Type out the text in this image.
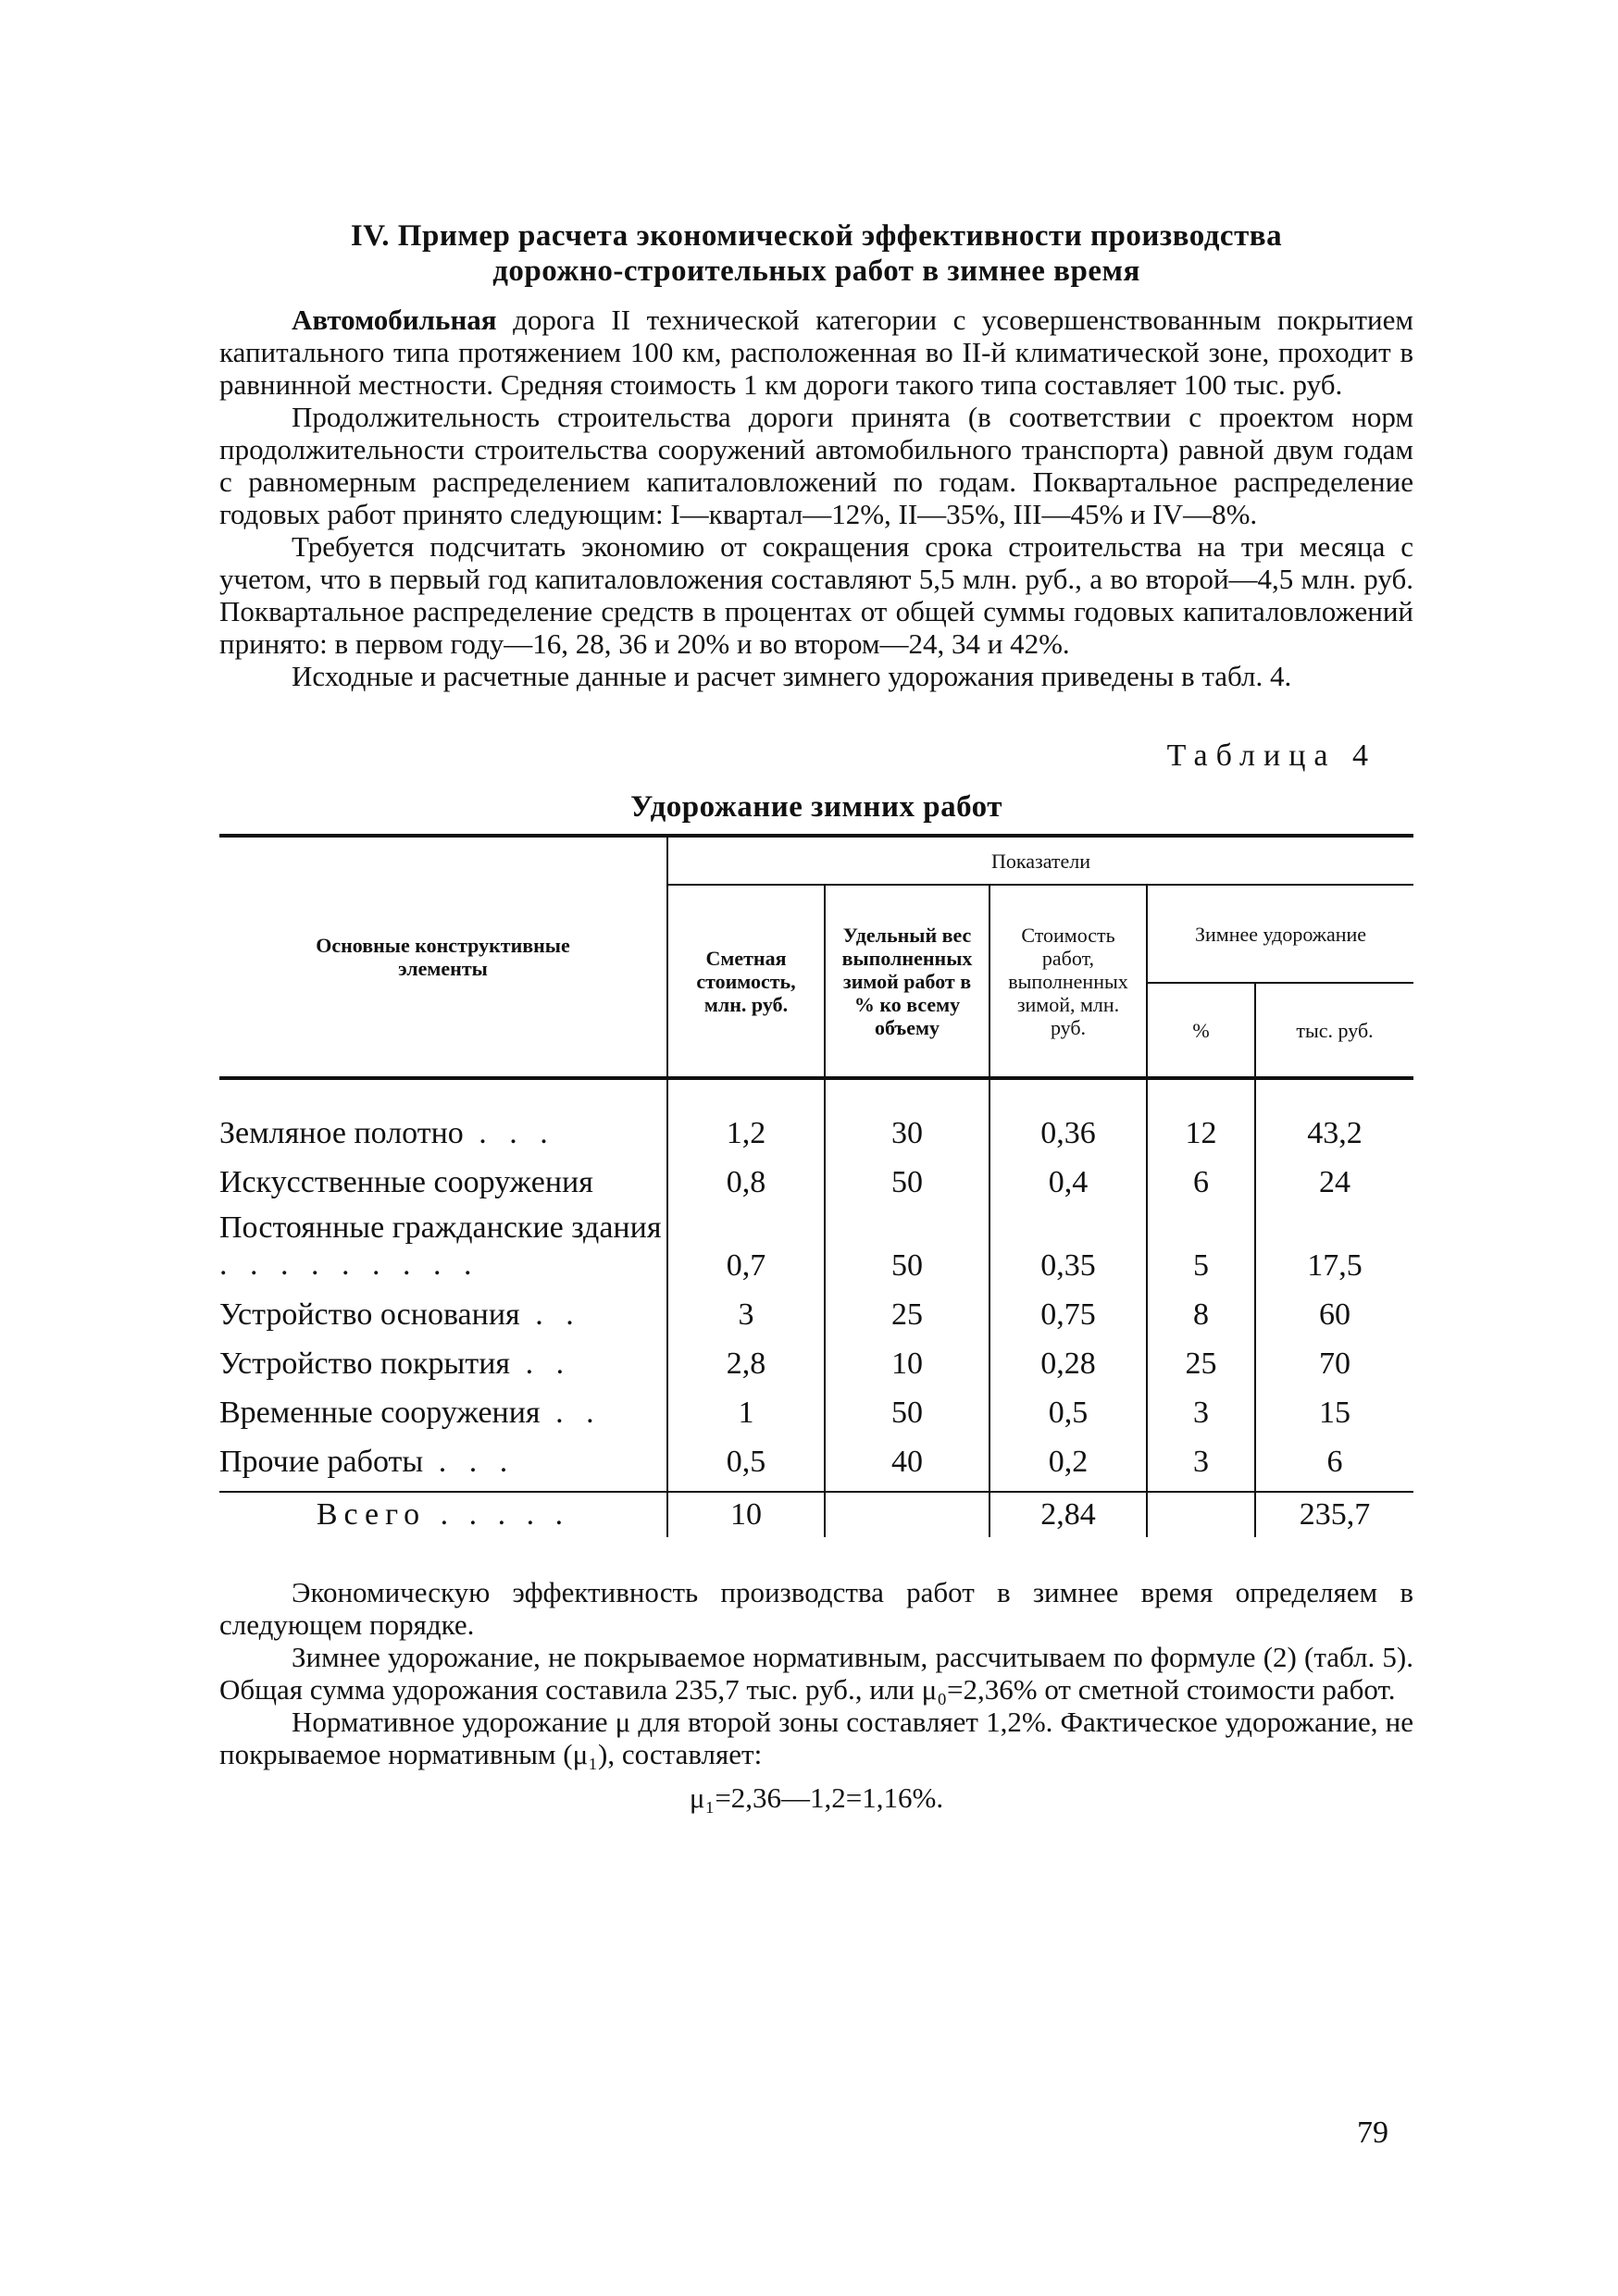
IV. Пример расчета экономической эффективности производства
дорожно-строительных работ в зимнее время

Автомобильная дорога II технической категории с усовершенствованным покрытием капитального типа протяжением 100 км, расположенная во II-й климатической зоне, проходит в равнинной местности. Средняя стоимость 1 км дороги такого типа составляет 100 тыс. руб.

Продолжительность строительства дороги принята (в соответствии с проектом норм продолжительности строительства сооружений автомобильного транспорта) равной двум годам с равномерным распределением капиталовложений по годам. Поквартальное распределение годовых работ принято следующим: I—квартал—12%, II—35%, III—45% и IV—8%.

Требуется подсчитать экономию от сокращения срока строительства на три месяца с учетом, что в первый год капиталовложения составляют 5,5 млн. руб., а во второй—4,5 млн. руб. Поквартальное распределение средств в процентах от общей суммы годовых капиталовложений принято: в первом году—16, 28, 36 и 20% и во втором—24, 34 и 42%.

Исходные и расчетные данные и расчет зимнего удорожания приведены в табл. 4.

Таблица 4
Удорожание зимних работ
Основные конструктивные элементы	Показатели				
	Сметная стоимость, млн. руб.	Удельный вес выполненных зимой работ в % ко всему объему	Стоимость работ, выполненных зимой, млн. руб.	Зимнее удорожание	
				%	тыс. руб.

Земляное полотно . . .	1,2	30	0,36	12	43,2
Искусственные сооружения	0,8	50	0,4	6	24
Постоянные гражданские здания . . . . . . . . .	0,7	50	0,35	5	17,5
Устройство основания . .	3	25	0,75	8	60
Устройство покрытия . .	2,8	10	0,28	25	70
Временные сооружения . .	1	50	0,5	3	15
Прочие работы . . .	0,5	40	0,2	3	6

Всего . . . . .	10		2,84		235,7

Экономическую эффективность производства работ в зимнее время определяем в следующем порядке.

Зимнее удорожание, не покрываемое нормативным, рассчитываем по формуле (2) (табл. 5). Общая сумма удорожания составила 235,7 тыс. руб., или μ₀=2,36% от сметной стоимости работ.

Нормативное удорожание μ для второй зоны составляет 1,2%. Фактическое удорожание, не покрываемое нормативным (μ₁), составляет:

μ₁=2,36—1,2=1,16%.
79
